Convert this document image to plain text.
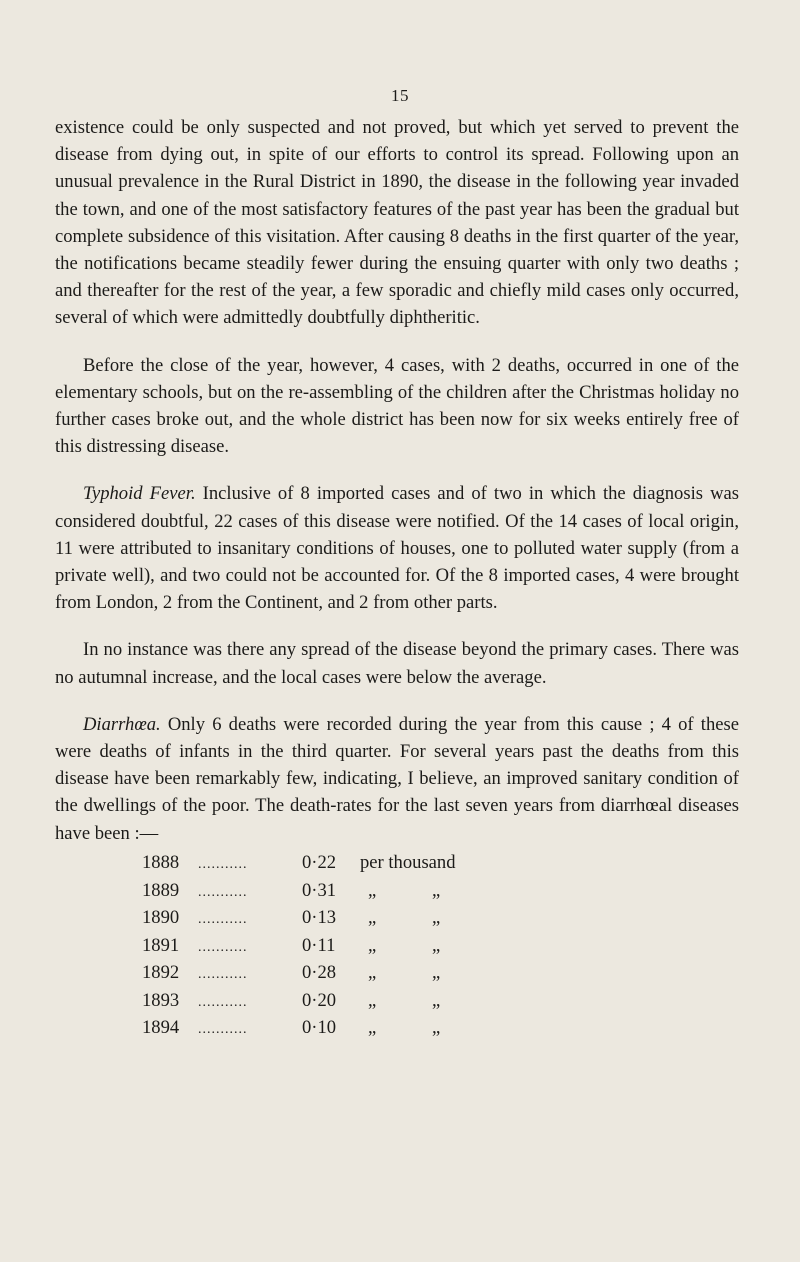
15

existence could be only suspected and not proved, but which yet served to prevent the disease from dying out, in spite of our efforts to control its spread. Following upon an unusual prevalence in the Rural District in 1890, the disease in the following year invaded the town, and one of the most satisfactory features of the past year has been the gradual but complete subsidence of this visitation. After causing 8 deaths in the first quarter of the year, the notifications became steadily fewer during the ensuing quarter with only two deaths ; and thereafter for the rest of the year, a few sporadic and chiefly mild cases only occurred, several of which were admittedly doubtfully diphtheritic.

Before the close of the year, however, 4 cases, with 2 deaths, occurred in one of the elementary schools, but on the re-assembling of the children after the Christmas holiday no further cases broke out, and the whole district has been now for six weeks entirely free of this distressing disease.

Typhoid Fever. Inclusive of 8 imported cases and of two in which the diagnosis was considered doubtful, 22 cases of this disease were notified. Of the 14 cases of local origin, 11 were attributed to insanitary conditions of houses, one to polluted water supply (from a private well), and two could not be accounted for. Of the 8 imported cases, 4 were brought from London, 2 from the Continent, and 2 from other parts.

In no instance was there any spread of the disease beyond the primary cases. There was no autumnal increase, and the local cases were below the average.

Diarrhœa. Only 6 deaths were recorded during the year from this cause ; 4 of these were deaths of infants in the third quarter. For several years past the deaths from this disease have been remarkably few, indicating, I believe, an improved sanitary condition of the dwellings of the poor. The death-rates for the last seven years from diarrhœal diseases have been :—

1888	...........	0·22	per thousand
1889	...........	0·31	„	„
1890	...........	0·13	„	„
1891	...........	0·11	„	„
1892	...........	0·28	„	„
1893	...........	0·20	„	„
1894	...........	0·10	„	„
